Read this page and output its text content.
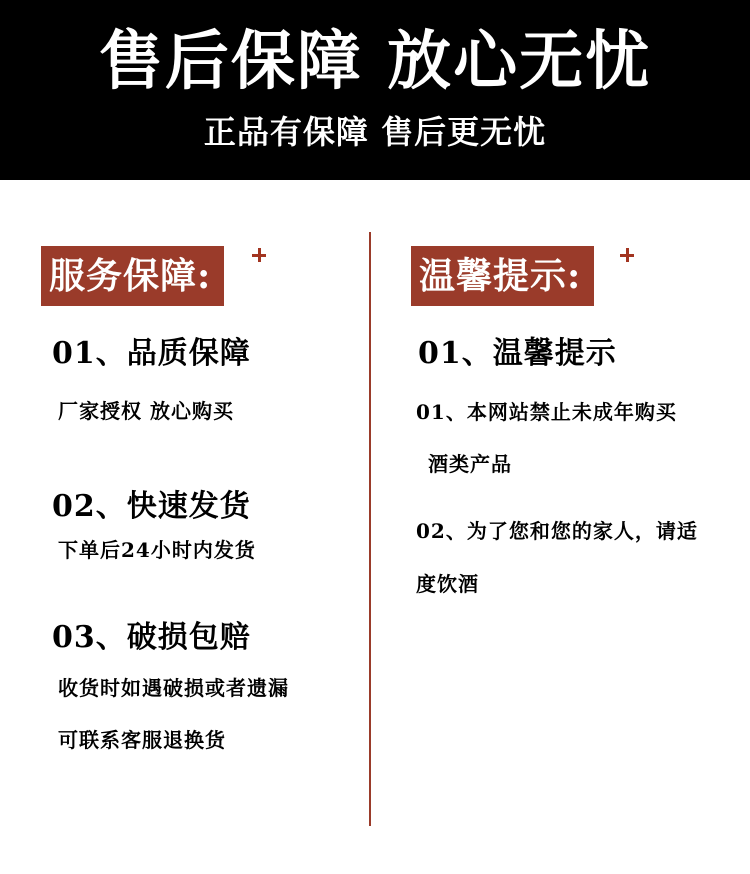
售后保障 放心无忧
正品有保障 售后更无忧
服务保障:
01、品质保障
厂家授权 放心购买
02、快速发货
下单后24小时内发货
03、破损包赔
收货时如遇破损或者遗漏
可联系客服退换货
温馨提示:
01、温馨提示
01、本网站禁止未成年购买
酒类产品
02、为了您和您的家人，请适
度饮酒
